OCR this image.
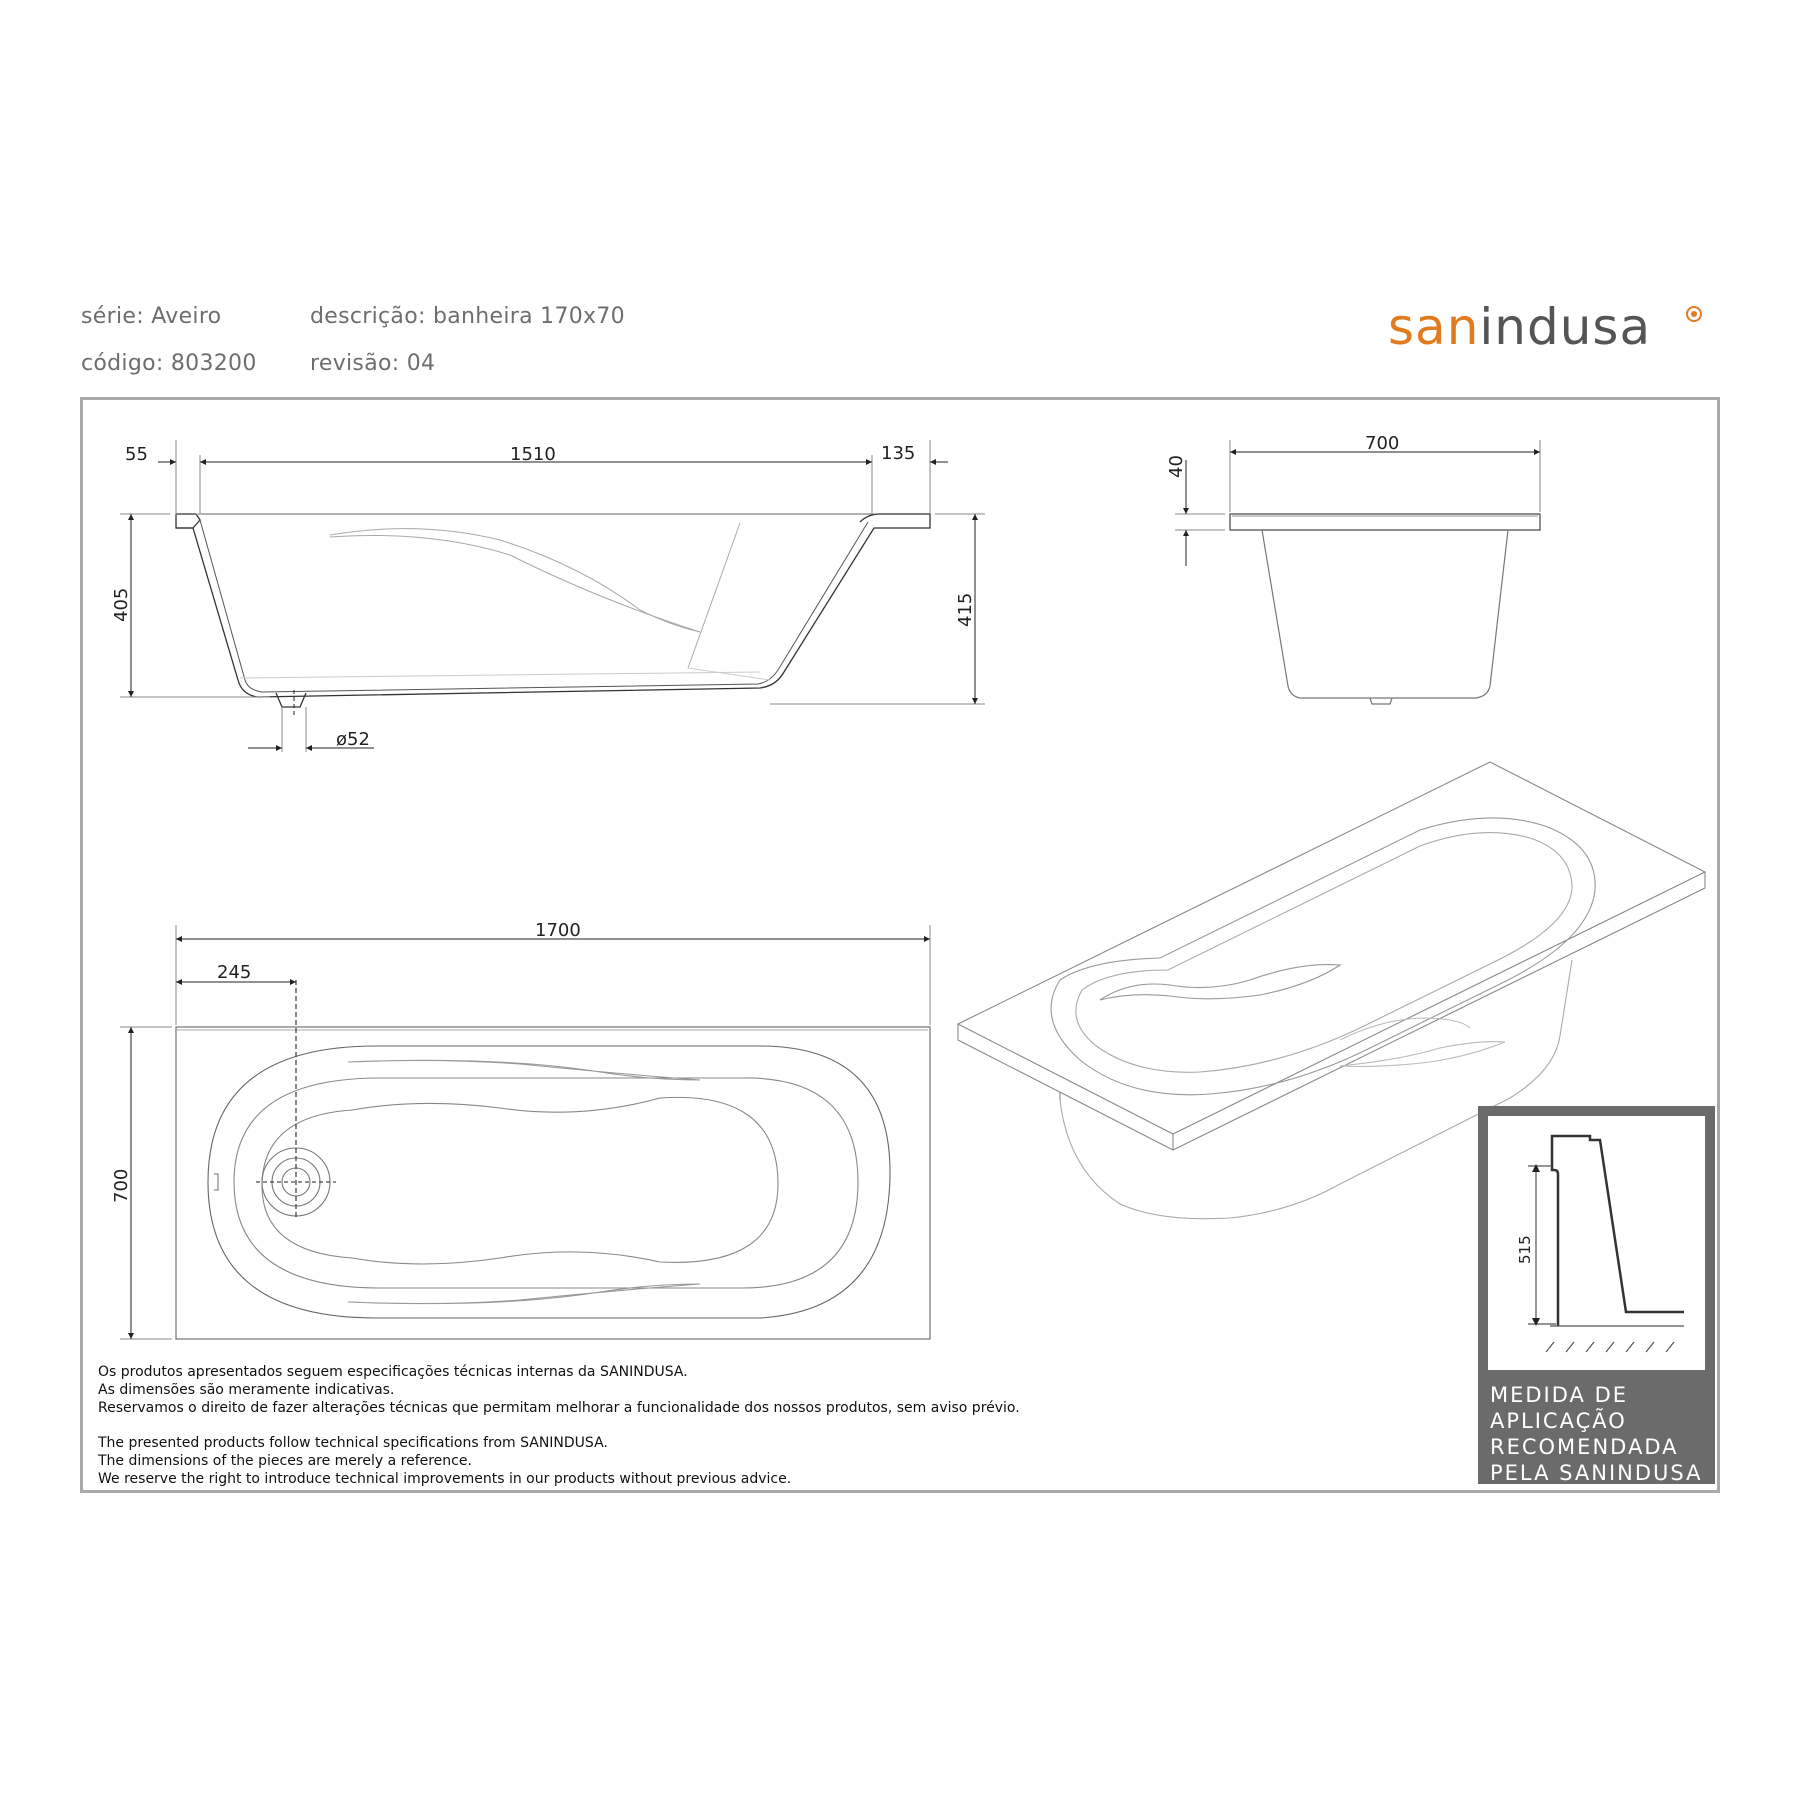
série: Aveiro
código: 803200
descrição: banheira 170x70
revisão: 04
sanindusa
55	1510	135
405	415
ø52
700
40
1700
245
700
Os produtos apresentados seguem especificações técnicas internas da SANINDUSA.
As dimensões são meramente indicativas.
Reservamos o direito de fazer alterações técnicas que permitam melhorar a funcionalidade dos nossos produtos, sem aviso prévio.
The presented products follow technical specifications from SANINDUSA.
The dimensions of the pieces are merely a reference.
We reserve the right to introduce technical improvements in our products without previous advice.
515
MEDIDA DE
APLICAÇÃO
RECOMENDADA
PELA SANINDUSA
